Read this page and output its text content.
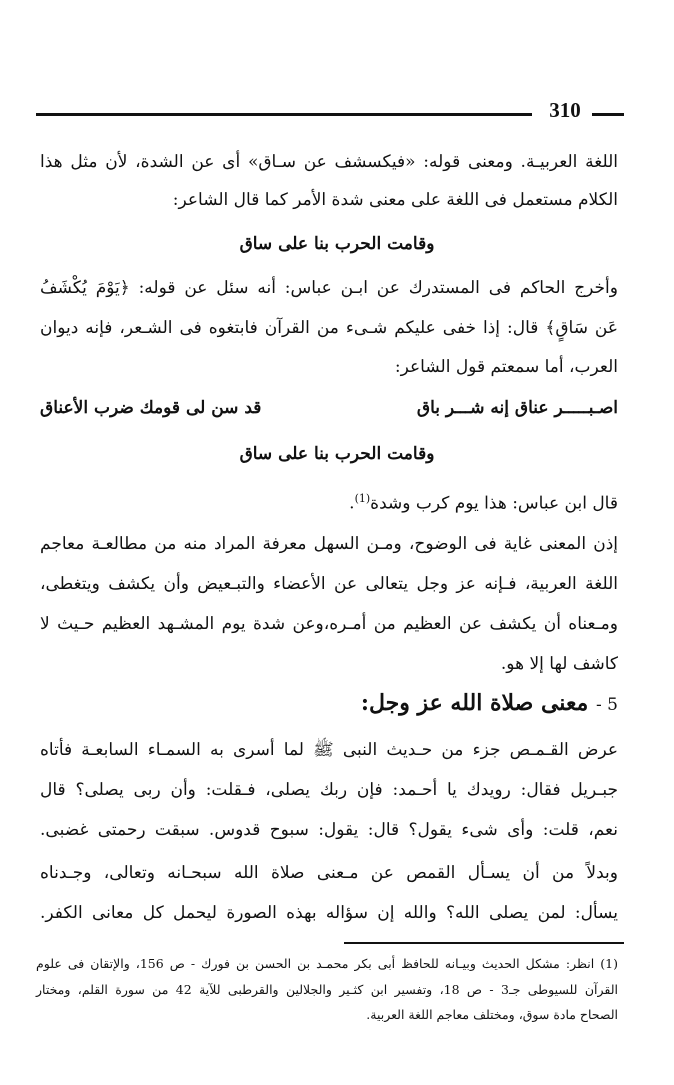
310
اللغة العربيـة. ومعنى قوله: «فيكسشف عن سـاق» أى عن الشدة، لأن مثل هذا
الكلام مستعمل فى اللغة على معنى شدة الأمر كما قال الشاعر:
وقامت الحرب بنا على ساق
وأخرج الحاكم فى المستدرك عن ابـن عباس: أنه سئل عن قوله: ﴿يَوْمَ يُكْشَفُ
عَن سَاقٍ﴾ قال: إذا خفى عليكم شـىء من القرآن فابتغوه فى الشـعر، فإنه ديوان
العرب، أما سمعتم قول الشاعر:
اصـبـــــر عناق إنه شـــر باق
قد سن لى قومك ضرب الأعناق
وقامت الحرب بنا على ساق
قال ابن عباس: هذا يوم كرب وشدة$^{(1)}$.
إذن المعنى غاية فى الوضوح، ومـن السهل معرفة المراد منه من مطالعـة معاجم
اللغة العربية، فـإنه عز وجل يتعالى عن الأعضاء والتبـعيض وأن يكشف ويتغطى،
ومـعناه أن يكشف عن العظيم من أمـره،وعن شدة يوم المشـهد العظيم حـيث لا
كاشف لها إلا هو.
5 - معنى صلاة الله عز وجل:
عرض القـمـص جزء من حـديث النبى ﷺ لما أسرى به السمـاء السابعـة فأتاه
جبـريل فقال: رويدك يا أحـمد: فإن ربك يصلى، فـقلت: وأن ربى يصلى؟ قال
نعم، قلت: وأى شىء يقول؟ قال: يقول: سبوح قدوس. سبقت رحمتى غضبى.
وبدلاً من أن يسـأل القمص عن مـعنى صلاة الله سبحـانه وتعالى، وجـدناه
يسأل: لمن يصلى الله؟ والله إن سؤاله بهذه الصورة ليحمل كل معانى الكفر.
(1) انظر: مشكل الحديث وبيـانه للحافظ أبى بكر محمـد بن الحسن بن فورك - ص 156، والإتقان فى علوم
القرآن للسيوطى جـ3 - ص 18، وتفسير ابن كثـير والجلالين والقرطبى للآية 42 من سورة القلم، ومختار
الصحاح مادة سوق، ومختلف معاجم اللغة العربية.
